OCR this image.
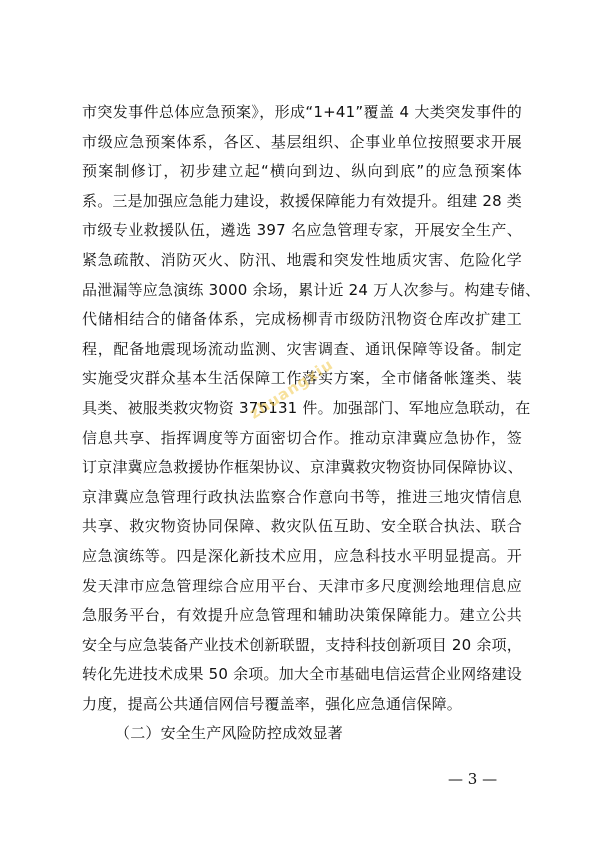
市突发事件总体应急预案》，形成“1+41”覆盖 4 大类突发事件的
市级应急预案体系，各区、基层组织、企事业单位按照要求开展
预案制修订，初步建立起“横向到边、纵向到底”的应急预案体
系。三是加强应急能力建设，救援保障能力有效提升。组建 28 类
市级专业救援队伍，遴选 397 名应急管理专家，开展安全生产、
紧急疏散、消防灭火、防汛、地震和突发性地质灾害、危险化学
品泄漏等应急演练 3000 余场，累计近 24 万人次参与。构建专储、
代储相结合的储备体系，完成杨柳青市级防汛物资仓库改扩建工
程，配备地震现场流动监测、灾害调查、通讯保障等设备。制定
实施受灾群众基本生活保障工作落实方案，全市储备帐篷类、装
具类、被服类救灾物资 375131 件。加强部门、军地应急联动，在
信息共享、指挥调度等方面密切合作。推动京津冀应急协作，签
订京津冀应急救援协作框架协议、京津冀救灾物资协同保障协议、
京津冀应急管理行政执法监察合作意向书等，推进三地灾情信息
共享、救灾物资协同保障、救灾队伍互助、安全联合执法、联合
应急演练等。四是深化新技术应用，应急科技水平明显提高。开
发天津市应急管理综合应用平台、天津市多尺度测绘地理信息应
急服务平台，有效提升应急管理和辅助决策保障能力。建立公共
安全与应急装备产业技术创新联盟，支持科技创新项目 20 余项，
转化先进技术成果 50 余项。加大全市基础电信运营企业网络建设
力度，提高公共通信网信号覆盖率，强化应急通信保障。
（二）安全生产风险防控成效显著
zhuangxiu
— 3 —
